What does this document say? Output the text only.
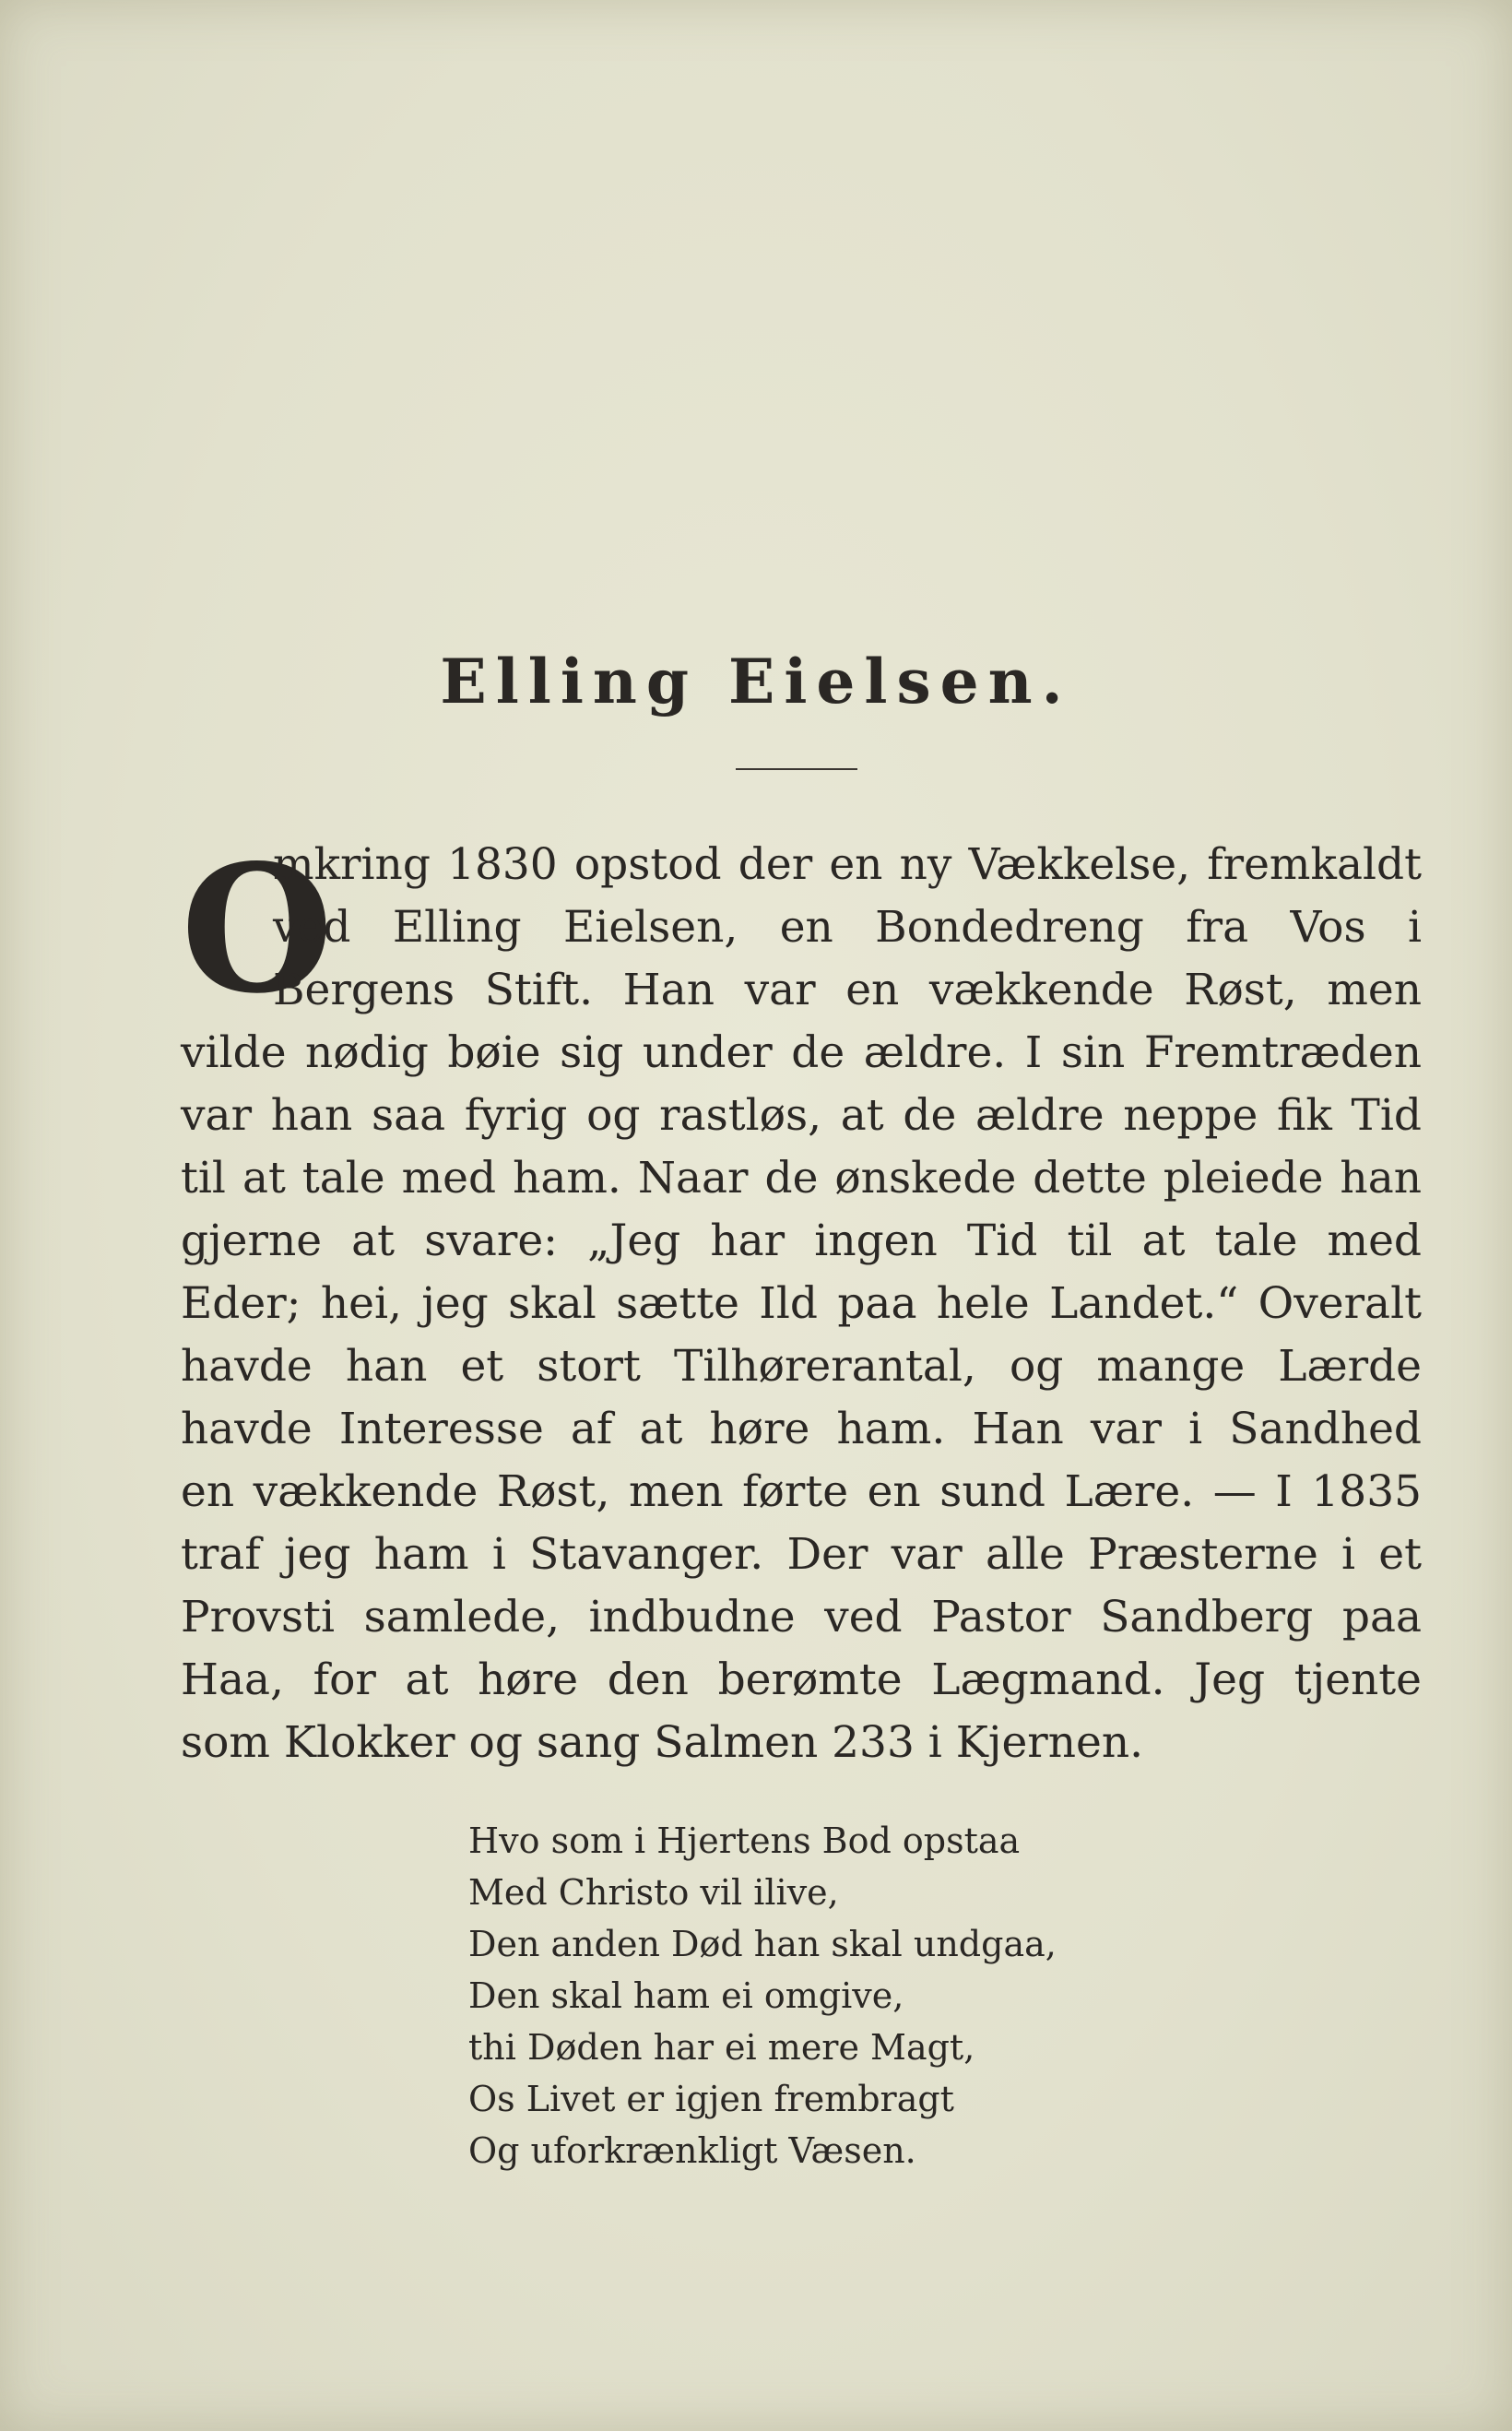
Elling Eielsen.
O
mkring 1830 opstod der en ny Vækkelse, fremkaldt
ved Elling Eielsen, en Bondedreng fra Vos i
Bergens Stift. Han var en vækkende Røst, men
vilde nødig bøie sig under de ældre. I sin Fremtræden
var han saa fyrig og rastløs, at de ældre neppe fik Tid
til at tale med ham. Naar de ønskede dette pleiede han
gjerne at svare: „Jeg har ingen Tid til at tale med
Eder; hei, jeg skal sætte Ild paa hele Landet.“ Overalt
havde han et stort Tilhørerantal, og mange Lærde
havde Interesse af at høre ham. Han var i Sandhed
en vækkende Røst, men førte en sund Lære. — I 1835
traf jeg ham i Stavanger. Der var alle Præsterne i et
Provsti samlede, indbudne ved Pastor Sandberg paa
Haa, for at høre den berømte Lægmand. Jeg tjente
som Klokker og sang Salmen 233 i Kjernen.
Hvo som i Hjertens Bod opstaa
Med Christo vil ilive,
Den anden Død han skal undgaa,
Den skal ham ei omgive,
thi Døden har ei mere Magt,
Os Livet er igjen frembragt
Og uforkrænkligt Væsen.
